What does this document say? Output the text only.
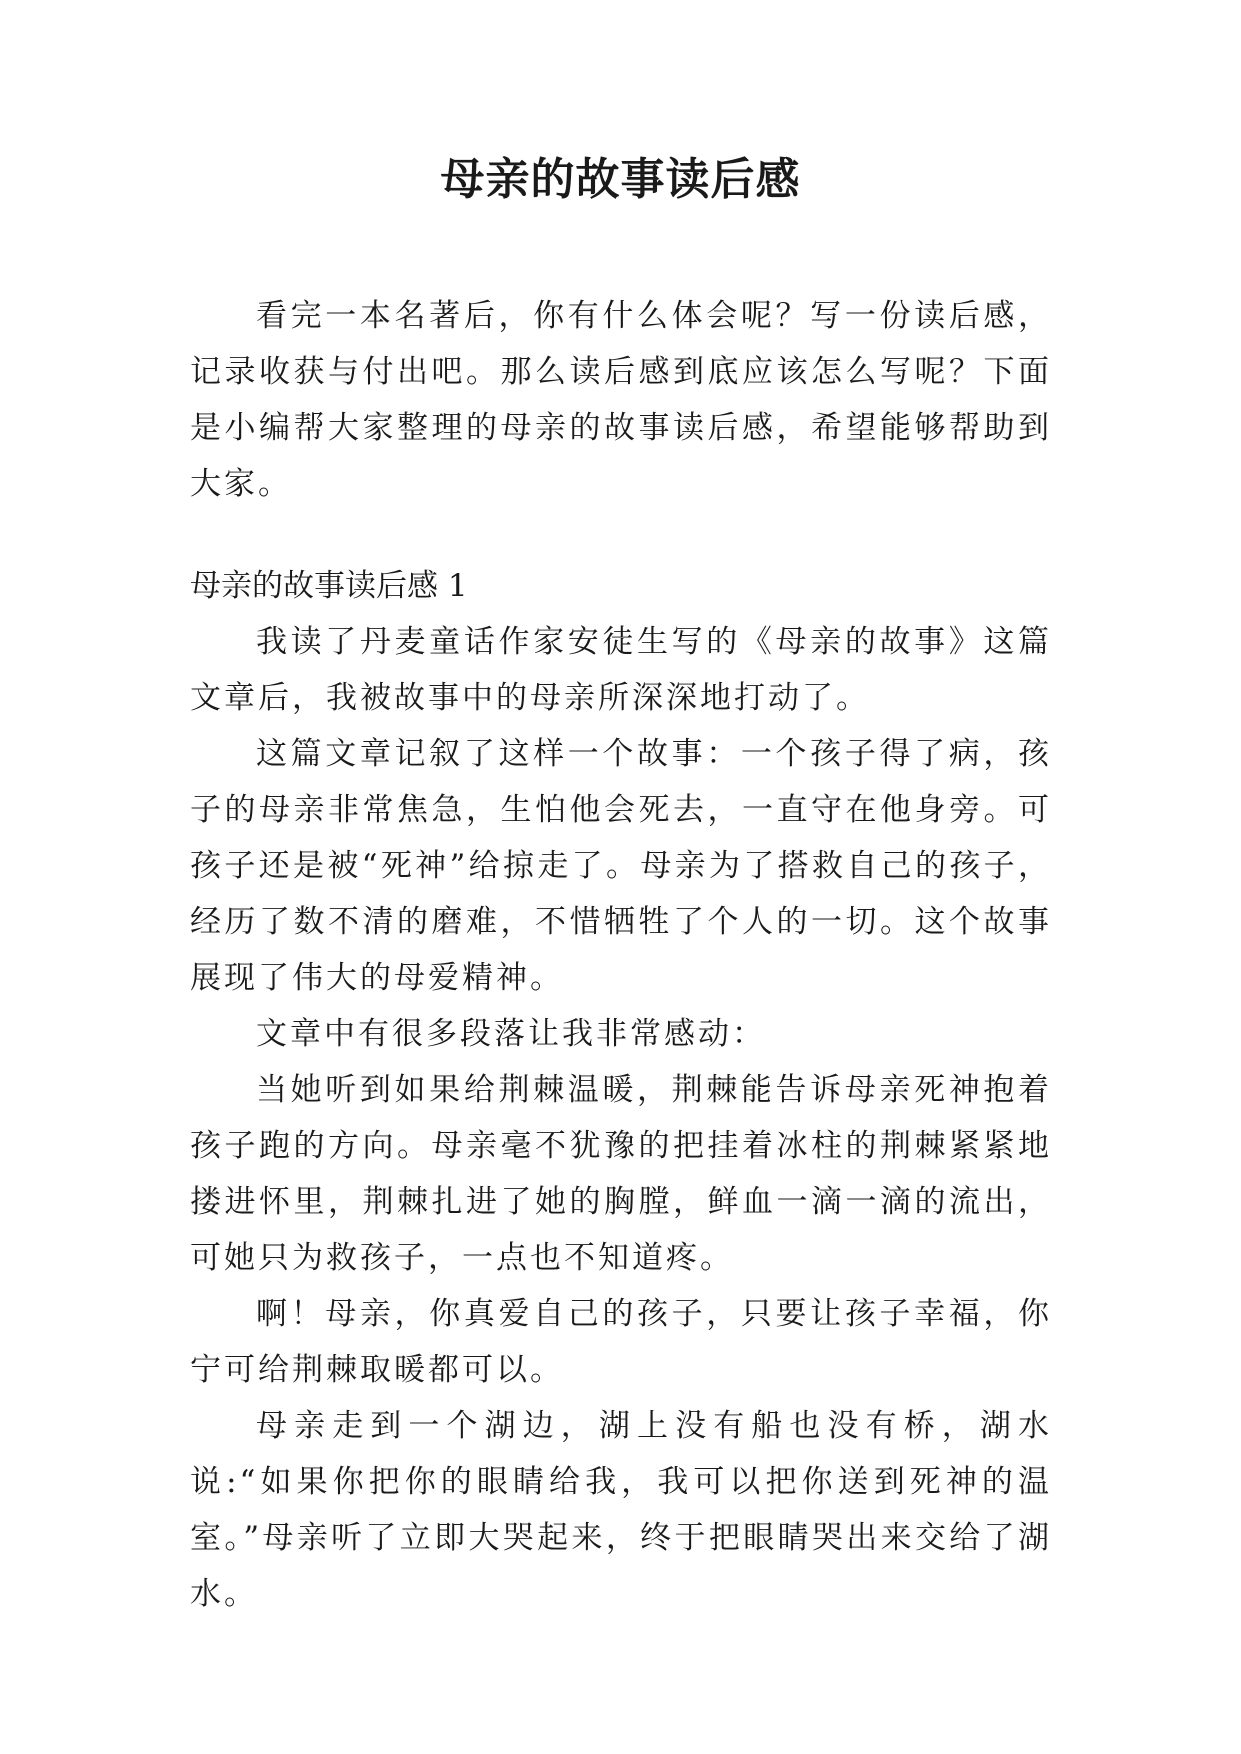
母亲的故事读后感

看完一本名著后，你有什么体会呢？写一份读后感，记录收获与付出吧。那么读后感到底应该怎么写呢？下面是小编帮大家整理的母亲的故事读后感，希望能够帮助到大家。

母亲的故事读后感 1

我读了丹麦童话作家安徒生写的《母亲的故事》这篇文章后，我被故事中的母亲所深深地打动了。

这篇文章记叙了这样一个故事：一个孩子得了病，孩子的母亲非常焦急，生怕他会死去，一直守在他身旁。可孩子还是被“死神”给掠走了。母亲为了搭救自己的孩子，经历了数不清的磨难，不惜牺牲了个人的一切。这个故事展现了伟大的母爱精神。

文章中有很多段落让我非常感动：

当她听到如果给荆棘温暖，荆棘能告诉母亲死神抱着孩子跑的方向。母亲毫不犹豫的把挂着冰柱的荆棘紧紧地搂进怀里，荆棘扎进了她的胸膛，鲜血一滴一滴的流出，可她只为救孩子，一点也不知道疼。

啊！母亲，你真爱自己的孩子，只要让孩子幸福，你宁可给荆棘取暖都可以。

母亲走到一个湖边，湖上没有船也没有桥，湖水说:“如果你把你的眼睛给我，我可以把你送到死神的温室。”母亲听了立即大哭起来，终于把眼睛哭出来交给了湖水。
